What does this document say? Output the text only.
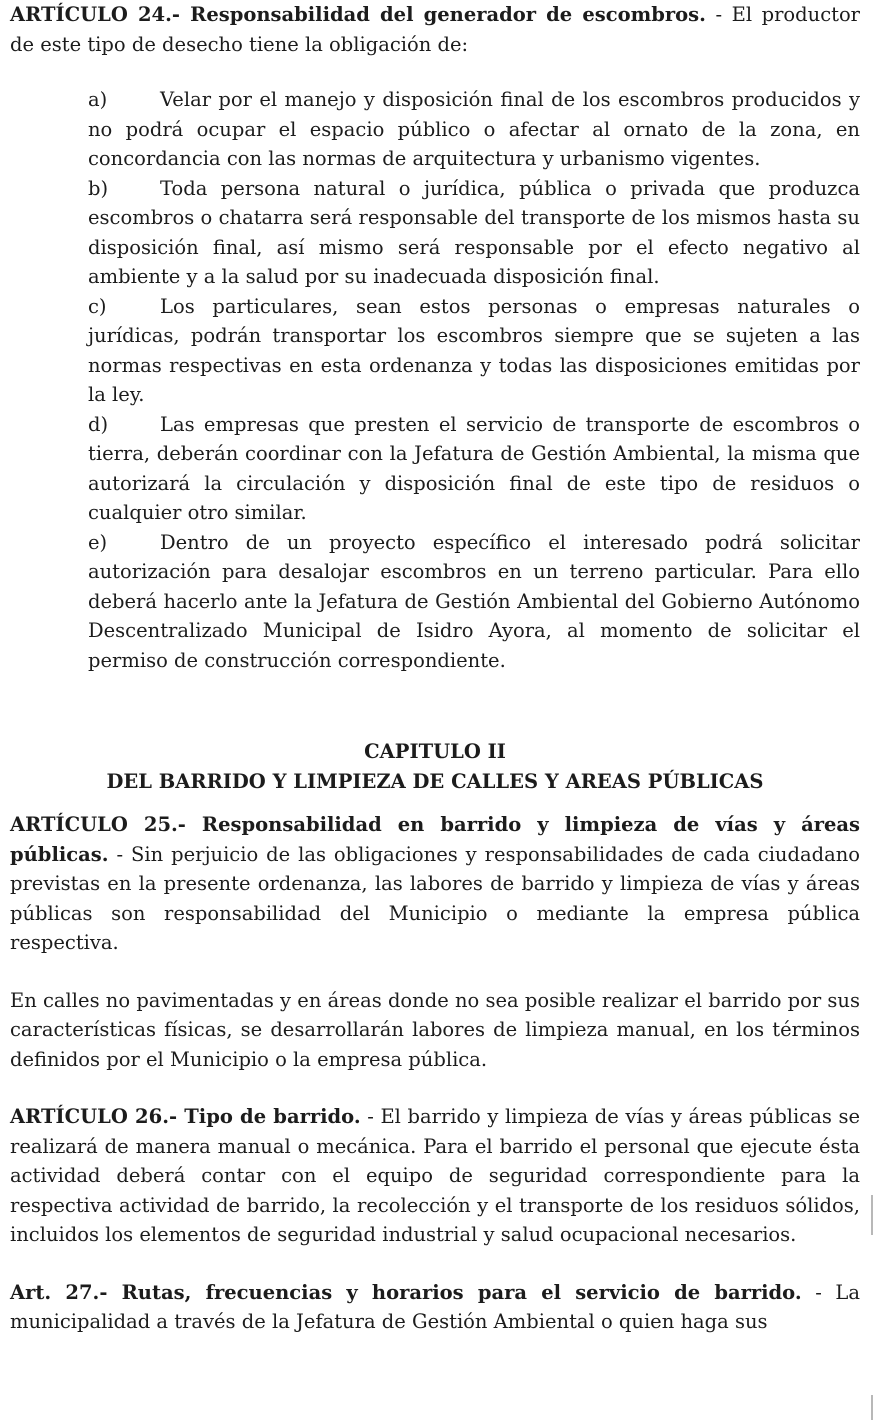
ARTÍCULO 24.- Responsabilidad del generador de escombros. - El productor de este tipo de desecho tiene la obligación de:

a)	Velar por el manejo y disposición final de los escombros producidos y no podrá ocupar el espacio público o afectar al ornato de la zona, en concordancia con las normas de arquitectura y urbanismo vigentes.

b)	Toda persona natural o jurídica, pública o privada que produzca escombros o chatarra será responsable del transporte de los mismos hasta su disposición final, así mismo será responsable por el efecto negativo al ambiente y a la salud por su inadecuada disposición final.

c)	Los particulares, sean estos personas o empresas naturales o jurídicas, podrán transportar los escombros siempre que se sujeten a las normas respectivas en esta ordenanza y todas las disposiciones emitidas por la ley.

d)	Las empresas que presten el servicio de transporte de escombros o tierra, deberán coordinar con la Jefatura de Gestión Ambiental, la misma que autorizará la circulación y disposición final de este tipo de residuos o cualquier otro similar.

e)	Dentro de un proyecto específico el interesado podrá solicitar autorización para desalojar escombros en un terreno particular. Para ello deberá hacerlo ante la Jefatura de Gestión Ambiental del Gobierno Autónomo Descentralizado Municipal de Isidro Ayora, al momento de solicitar el permiso de construcción correspondiente.

CAPITULO II
DEL BARRIDO Y LIMPIEZA DE CALLES Y AREAS PÚBLICAS

ARTÍCULO 25.- Responsabilidad en barrido y limpieza de vías y áreas públicas. - Sin perjuicio de las obligaciones y responsabilidades de cada ciudadano previstas en la presente ordenanza, las labores de barrido y limpieza de vías y áreas públicas son responsabilidad del Municipio o mediante la empresa pública respectiva.

En calles no pavimentadas y en áreas donde no sea posible realizar el barrido por sus características físicas, se desarrollarán labores de limpieza manual, en los términos definidos por el Municipio o la empresa pública.

ARTÍCULO 26.- Tipo de barrido. - El barrido y limpieza de vías y áreas públicas se realizará de manera manual o mecánica. Para el barrido el personal que ejecute ésta actividad deberá contar con el equipo de seguridad correspondiente para la respectiva actividad de barrido, la recolección y el transporte de los residuos sólidos, incluidos los elementos de seguridad industrial y salud ocupacional necesarios.

Art. 27.- Rutas, frecuencias y horarios para el servicio de barrido. - La municipalidad a través de la Jefatura de Gestión Ambiental o quien haga sus
